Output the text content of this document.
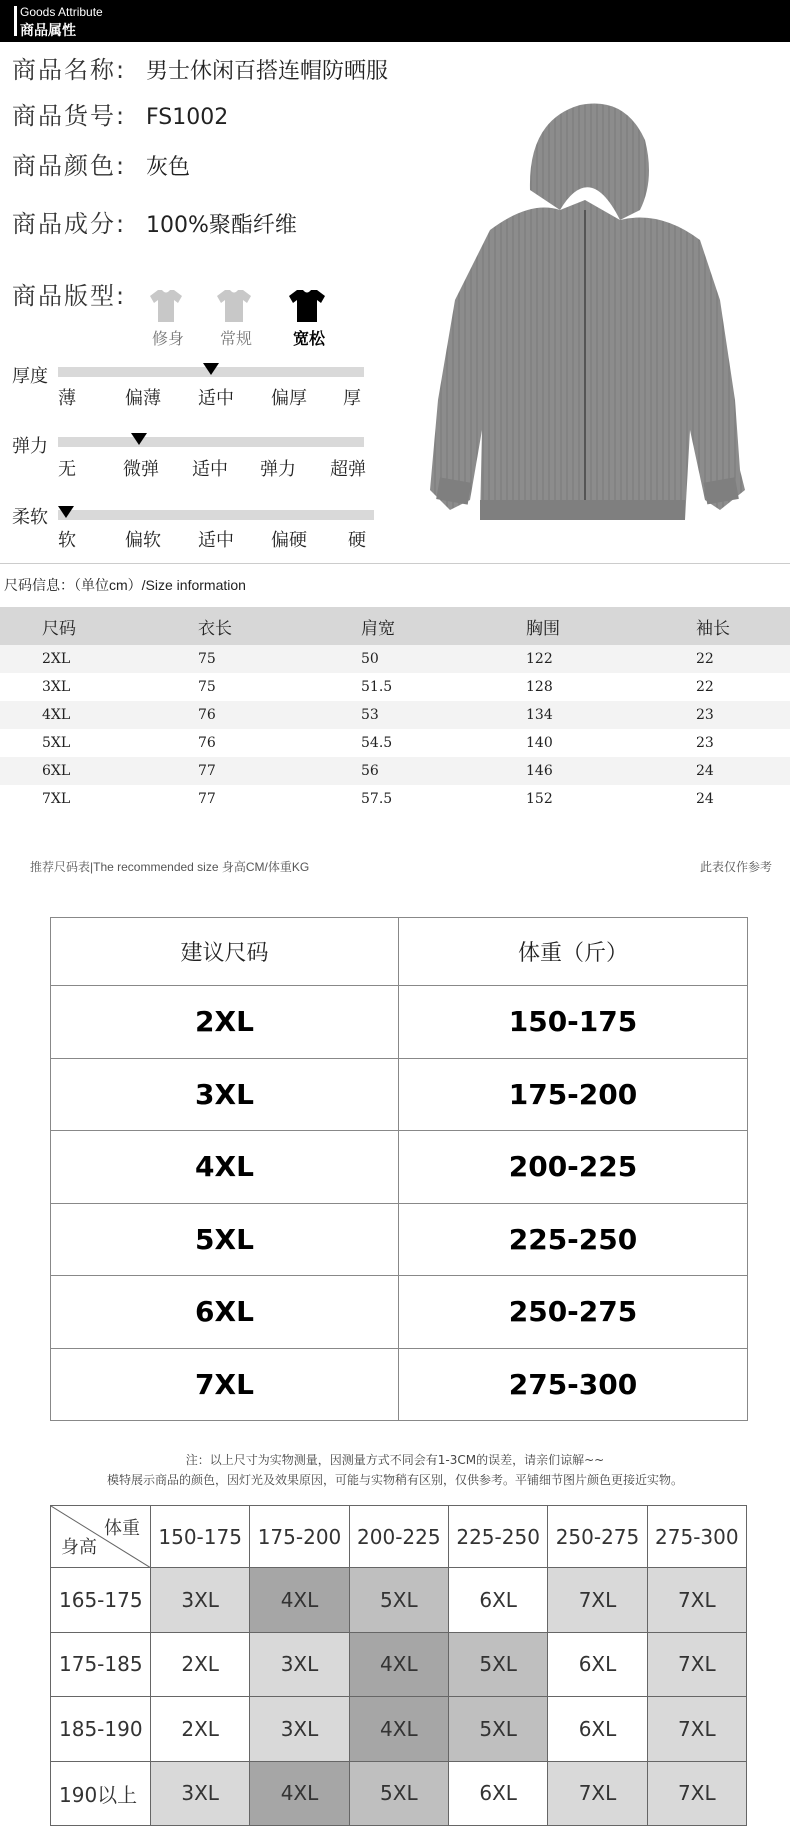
Goods Attribute
商品属性
商品名称: 男士休闲百搭连帽防晒服
商品货号: FS1002
商品颜色: 灰色
商品成分: 100%聚酯纤维
商品版型:
修身 常规	宽松
厚度
薄	偏薄 适中 偏厚 厚
弹力
无	微弹 适中 弹力 超弹
柔软
软	偏软 适中 偏硬 硬
尺码信息：（单位cm）/Size information
尺码	衣长	肩宽	胸围	袖长
2XL	75	50	122	22
3XL	75	51.5	128	22
4XL	76	53	134	23
5XL	76	54.5	140	23
6XL	77	56	146	24
7XL	77	57.5	152	24
推荐尺码表|The recommended size 身高CM/体重KG	此表仅作参考
建议尺码	体重（斤）
2XL	150-175
3XL	175-200
4XL	200-225
5XL	225-250
6XL	250-275
7XL	275-300
注：以上尺寸为实物测量，因测量方式不同会有1-3CM的误差，请亲们谅解~~
模特展示商品的颜色，因灯光及效果原因，可能与实物稍有区别，仅供参考。平铺细节图片颜色更接近实物。
体重
身高	150-175	175-200	200-225	225-250	250-275	275-300
165-175	3XL	4XL	5XL	6XL	7XL	7XL
175-185	2XL	3XL	4XL	5XL	6XL	7XL
185-190	2XL	3XL	4XL	5XL	6XL	7XL
190以上	3XL	4XL	5XL	6XL	7XL	7XL
